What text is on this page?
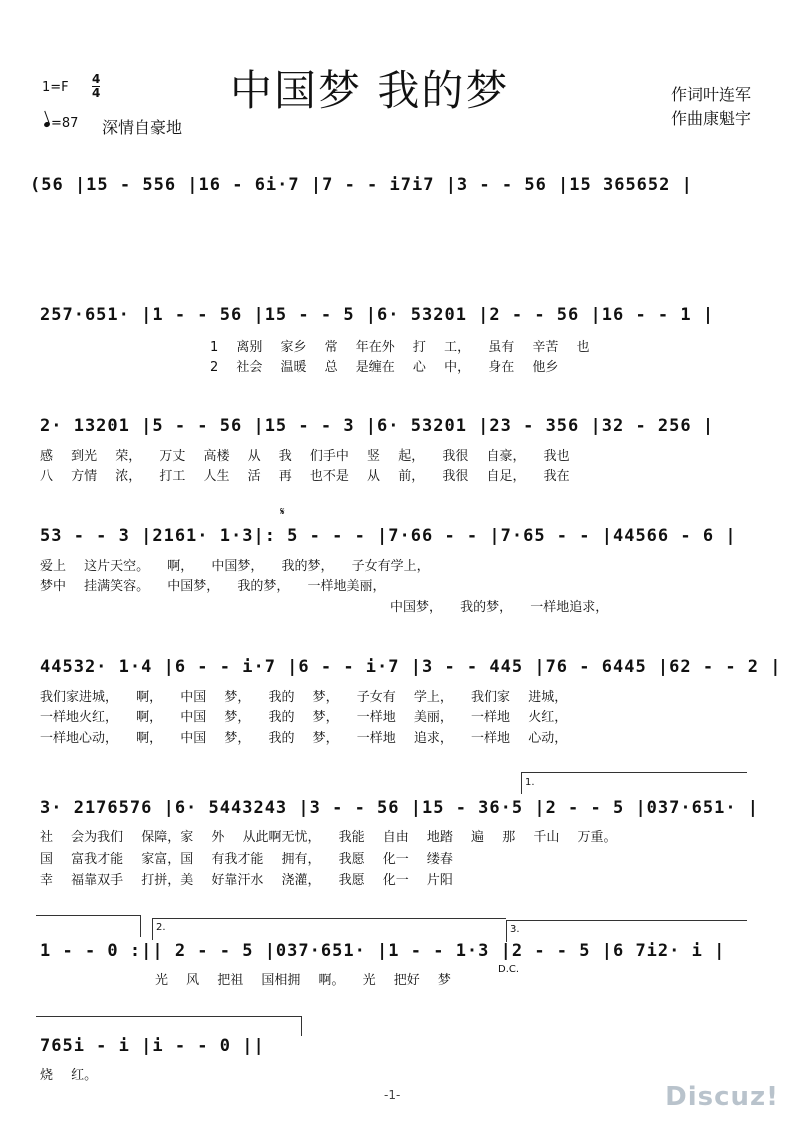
中国梦 我的梦
1=F
4
4
=87 深情自豪地
作词叶连军
作曲康魁宇
(56 |15 - 556 |16 - 6i·7 |7 - - i7i7 |3 - - 56 |15 365652 |
257·651· |1 - - 56 |15 - - 5 |6· 53201 |2 - - 56 |16 - - 1 |
1 离别 家乡 常 年在外 打 工， 虽有 辛苦 也
2 社会 温暖 总 是缠在 心 中， 身在 他乡
2· 13201 |5 - - 56 |15 - - 3 |6· 53201 |23 - 356 |32 - 256 |
感 到光 荣， 万丈 高楼 从 我 们手中 竖 起， 我很 自豪， 我也
八 方情 浓， 打工 人生 活 再 也不是 从 前， 我很 自足， 我在
𝄋
53 - - 3 |2161· 1·3|: 5 - - - |7·66 - - |7·65 - - |44566 - 6 |
爱上 这片天空。 啊， 中国梦， 我的梦， 子女有学上，
梦中 挂满笑容。 中国梦， 我的梦， 一样地美丽，
中国梦， 我的梦， 一样地追求，
44532· 1·4 |6 - - i·7 |6 - - i·7 |3 - - 445 |76 - 6445 |62 - - 2 |
我们家进城， 啊， 中国 梦， 我的 梦， 子女有 学上， 我们家 进城，
一样地火红， 啊， 中国 梦， 我的 梦， 一样地 美丽， 一样地 火红，
一样地心动， 啊， 中国 梦， 我的 梦， 一样地 追求， 一样地 心动，
1.
3· 2176576 |6· 5443243 |3 - - 56 |15 - 36·5 |2 - - 5 |037·651· |
社 会为我们 保障，家 外 从此啊无忧， 我能 自由 地踏 遍 那 千山 万重。
国 富我才能 家富，国 有我才能 拥有， 我愿 化一 缕春
幸 福靠双手 打拼，美 好靠汗水 浇灌， 我愿 化一 片阳
2.	3.
1 - - 0 :|| 2 - - 5 |037·651· |1 - - 1·3 |2 - - 5 |6 7i2· i |
光 风 把祖 国相拥 啊。 光 把好 梦
D.C.
765i - i |i - - 0 ||
烧 红。
-1-	Discuz!
